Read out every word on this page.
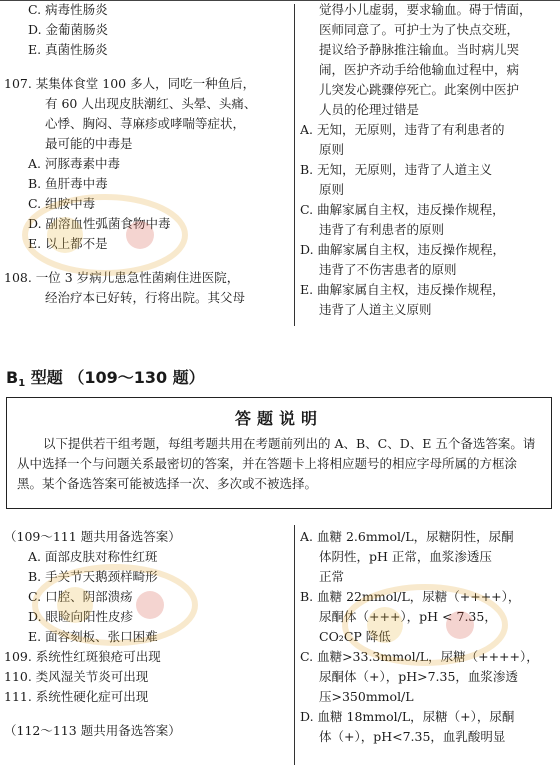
C. 病毒性肠炎
D. 金葡菌肠炎
E. 真菌性肠炎
107. 某集体食堂 100 多人，同吃一种鱼后，
有 60 人出现皮肤潮红、头晕、头痛、
心悸、胸闷、荨麻疹或哮喘等症状，
最可能的中毒是
A. 河豚毒素中毒
B. 鱼肝毒中毒
C. 组胺中毒
D. 副溶血性弧菌食物中毒
E. 以上都不是
108. 一位 3 岁病儿患急性菌痢住进医院，
经治疗本已好转，行将出院。其父母
觉得小儿虚弱，要求输血。碍于情面，
医师同意了。可护士为了快点交班，
提议给予静脉推注输血。当时病儿哭
闹，医护齐动手给他输血过程中，病
儿突发心跳骤停死亡。此案例中医护
人员的伦理过错是
A. 无知，无原则，违背了有利患者的
原则
B. 无知，无原则，违背了人道主义
原则
C. 曲解家属自主权，违反操作规程，
违背了有利患者的原则
D. 曲解家属自主权，违反操作规程，
违背了不伤害患者的原则
E. 曲解家属自主权，违反操作规程，
违背了人道主义原则
$B_1$ 型题 （109～130 题）
答题说明
以下提供若干组考题，每组考题共用在考题前列出的 A、B、C、D、E 五个备选答案。请从中选择一个与问题关系最密切的答案，并在答题卡上将相应题号的相应字母所属的方框涂黑。某个备选答案可能被选择一次、多次或不被选择。
（109～111 题共用备选答案）
A. 面部皮肤对称性红斑
B. 手关节天鹅颈样畸形
C. 口腔、阴部溃疡
D. 眼睑向阳性皮疹
E. 面容刻板、张口困难
109. 系统性红斑狼疮可出现
110. 类风湿关节炎可出现
111. 系统性硬化症可出现
（112～113 题共用备选答案）
A. 血糖 2.6mmol/L，尿糖阴性，尿酮
体阴性，pH 正常，血浆渗透压
正常
B. 血糖 22mmol/L，尿糖（++++），
尿酮体（+++），pH < 7.35，
CO₂CP 降低
C. 血糖>33.3mmol/L，尿糖（++++），
尿酮体（+），pH>7.35，血浆渗透
压>350mmol/L
D. 血糖 18mmol/L，尿糖（+），尿酮
体（+），pH<7.35，血乳酸明显
